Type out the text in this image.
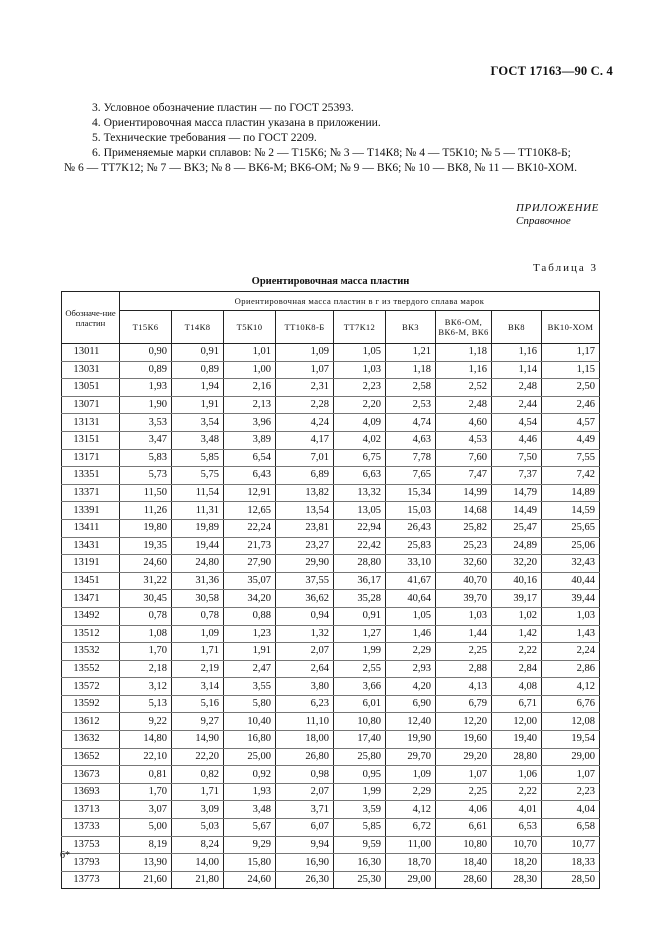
ГОСТ 17163—90 С. 4

3. Условное обозначение пластин — по ГОСТ 25393.

4. Ориентировочная масса пластин указана в приложении.

5. Технические требования — по ГОСТ 2209.

6. Применяемые марки сплавов: № 2 — Т15К6; № 3 — Т14К8; № 4 — Т5К10; № 5 — ТТ10К8-Б;

№ 6 — ТТ7К12; № 7 — ВК3; № 8 — ВК6-М; ВК6-ОМ; № 9 — ВК6; № 10 — ВК8, № 11 — ВК10-ХОМ.

ПРИЛОЖЕНИЕ
Справочное
Таблица 3
Ориентировочная масса пластин
Обозначе-ние пластин	Ориентировочная масса пластин в г из твердого сплава марок								
	Т15К6	Т14К8	Т5К10	ТТ10К8-Б	ТТ7К12	ВК3	ВК6-ОМ, ВК6-М, ВК6	ВК8	ВК10-ХОМ
13011	0,90	0,91	1,01	1,09	1,05	1,21	1,18	1,16	1,17
13031	0,89	0,89	1,00	1,07	1,03	1,18	1,16	1,14	1,15
13051	1,93	1,94	2,16	2,31	2,23	2,58	2,52	2,48	2,50
13071	1,90	1,91	2,13	2,28	2,20	2,53	2,48	2,44	2,46
13131	3,53	3,54	3,96	4,24	4,09	4,74	4,60	4,54	4,57
13151	3,47	3,48	3,89	4,17	4,02	4,63	4,53	4,46	4,49
13171	5,83	5,85	6,54	7,01	6,75	7,78	7,60	7,50	7,55
13351	5,73	5,75	6,43	6,89	6,63	7,65	7,47	7,37	7,42
13371	11,50	11,54	12,91	13,82	13,32	15,34	14,99	14,79	14,89
13391	11,26	11,31	12,65	13,54	13,05	15,03	14,68	14,49	14,59
13411	19,80	19,89	22,24	23,81	22,94	26,43	25,82	25,47	25,65
13431	19,35	19,44	21,73	23,27	22,42	25,83	25,23	24,89	25,06
13191	24,60	24,80	27,90	29,90	28,80	33,10	32,60	32,20	32,43
13451	31,22	31,36	35,07	37,55	36,17	41,67	40,70	40,16	40,44
13471	30,45	30,58	34,20	36,62	35,28	40,64	39,70	39,17	39,44
13492	0,78	0,78	0,88	0,94	0,91	1,05	1,03	1,02	1,03
13512	1,08	1,09	1,23	1,32	1,27	1,46	1,44	1,42	1,43
13532	1,70	1,71	1,91	2,07	1,99	2,29	2,25	2,22	2,24
13552	2,18	2,19	2,47	2,64	2,55	2,93	2,88	2,84	2,86
13572	3,12	3,14	3,55	3,80	3,66	4,20	4,13	4,08	4,12
13592	5,13	5,16	5,80	6,23	6,01	6,90	6,79	6,71	6,76
13612	9,22	9,27	10,40	11,10	10,80	12,40	12,20	12,00	12,08
13632	14,80	14,90	16,80	18,00	17,40	19,90	19,60	19,40	19,54
13652	22,10	22,20	25,00	26,80	25,80	29,70	29,20	28,80	29,00
13673	0,81	0,82	0,92	0,98	0,95	1,09	1,07	1,06	1,07
13693	1,70	1,71	1,93	2,07	1,99	2,29	2,25	2,22	2,23
13713	3,07	3,09	3,48	3,71	3,59	4,12	4,06	4,01	4,04
13733	5,00	5,03	5,67	6,07	5,85	6,72	6,61	6,53	6,58
13753	8,19	8,24	9,29	9,94	9,59	11,00	10,80	10,70	10,77
13793	13,90	14,00	15,80	16,90	16,30	18,70	18,40	18,20	18,33
13773	21,60	21,80	24,60	26,30	25,30	29,00	28,60	28,30	28,50
6*
